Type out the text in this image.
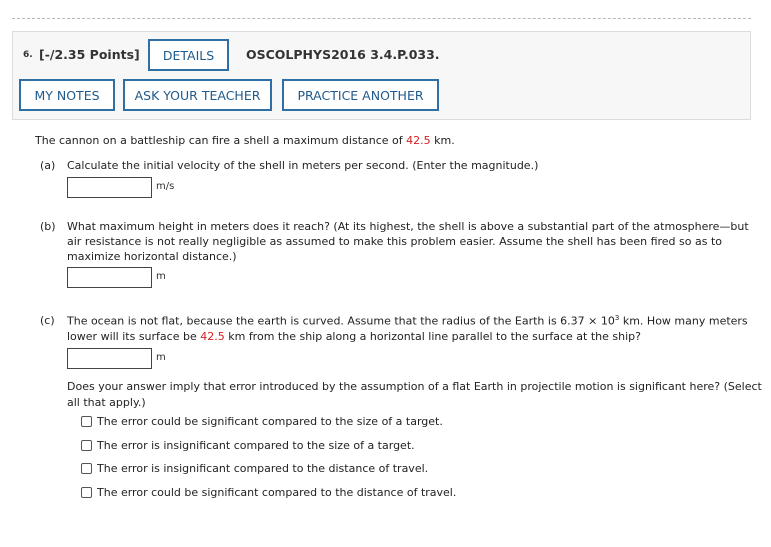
6. [-/2.35 Points]	DETAILS	OSCOLPHYS2016 3.4.P.033.
MY NOTES	ASK YOUR TEACHER	PRACTICE ANOTHER
The cannon on a battleship can fire a shell a maximum distance of 42.5 km.
(a) Calculate the initial velocity of the shell in meters per second. (Enter the magnitude.)
m/s
(b) What maximum height in meters does it reach? (At its highest, the shell is above a substantial part of the atmosphere—but
air resistance is not really negligible as assumed to make this problem easier. Assume the shell has been fired so as to
maximize horizontal distance.)
m
(c) The ocean is not flat, because the earth is curved. Assume that the radius of the Earth is $6.37 \times 10^3$ km. How many meters
lower will its surface be 42.5 km from the ship along a horizontal line parallel to the surface at the ship?
m
Does your answer imply that error introduced by the assumption of a flat Earth in projectile motion is significant here? (Select
all that apply.)
The error could be significant compared to the size of a target.
The error is insignificant compared to the size of a target.
The error is insignificant compared to the distance of travel.
The error could be significant compared to the distance of travel.
